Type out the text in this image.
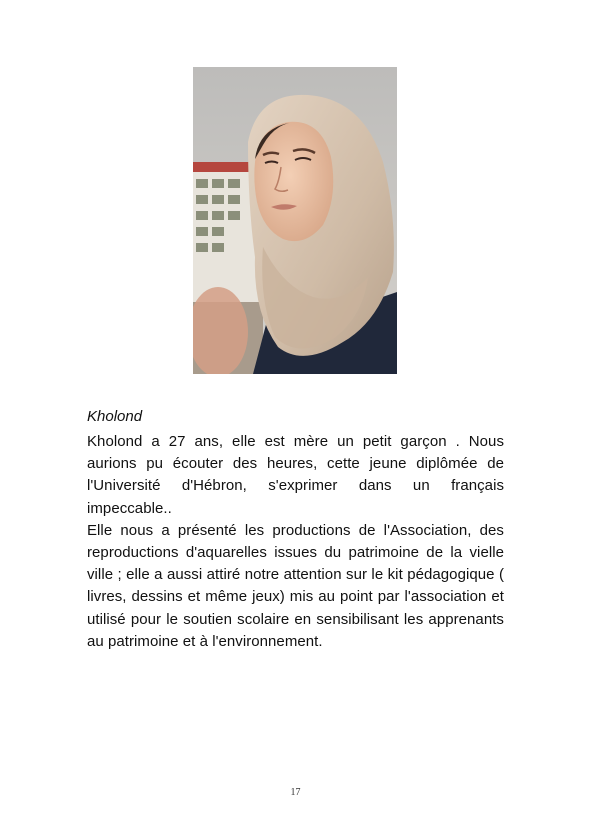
Kholond

Kholond a 27 ans, elle est mère un petit garçon . Nous aurions pu écouter des heures, cette jeune diplômée de l'Université d'Hébron, s'exprimer dans un français impeccable..

Elle nous a présenté les productions de l'Association, des reproductions d'aquarelles issues du patrimoine de la vielle ville ; elle a aussi attiré notre attention sur le kit pédagogique ( livres, dessins et même jeux) mis au point par l'association et utilisé pour le soutien scolaire en sensibilisant les apprenants au patrimoine et à l'environnement.

17
